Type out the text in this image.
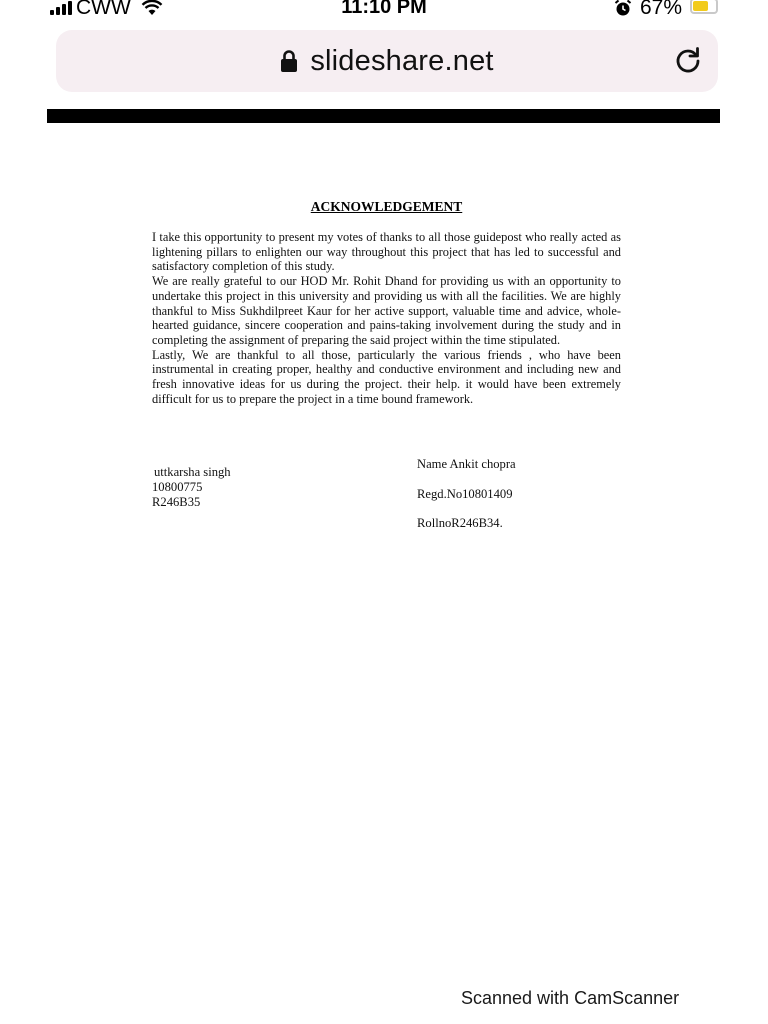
CWW	11:10 PM	67%
slideshare.net
ACKNOWLEDGEMENT

I take this opportunity to present my votes of thanks to all those guidepost who really acted as lightening pillars to enlighten our way throughout this project that has led to successful and satisfactory completion of this study.

We are really grateful to our HOD Mr. Rohit Dhand for providing us with an opportunity to undertake this project in this university and providing us with all the facilities. We are highly thankful to Miss Sukhdilpreet Kaur for her active support, valuable time and advice, whole-hearted guidance, sincere cooperation and pains-taking involvement during the study and in completing the assignment of preparing the said project within the time stipulated.

Lastly, We are thankful to all those, particularly the various friends , who have been instrumental in creating proper, healthy and conductive environment and including new and fresh innovative ideas for us during the project. their help. it would have been extremely difficult for us to prepare the project in a time bound framework.

uttkarsha singh
10800775
R246B35
Name Ankit chopra
Regd.No10801409
RollnoR246B34.
Scanned with CamScanner
